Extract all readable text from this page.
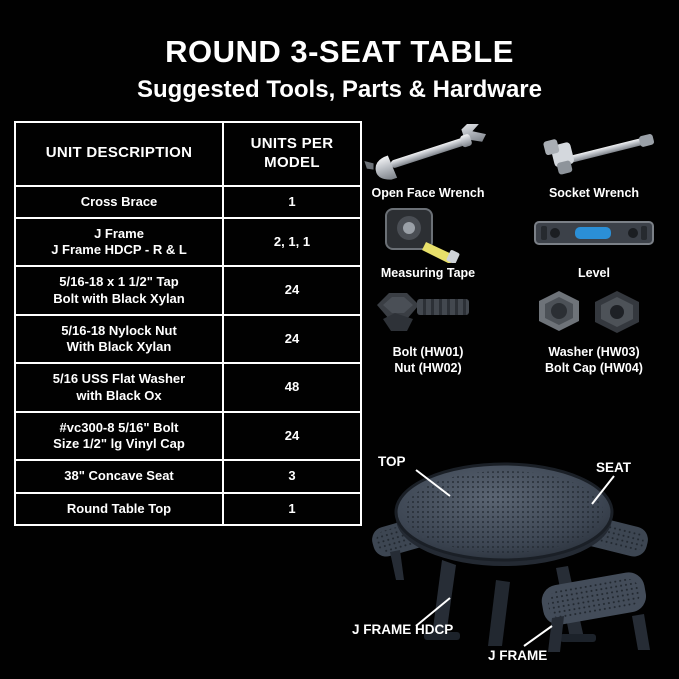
ROUND 3-SEAT TABLE
Suggested Tools, Parts & Hardware
UNIT DESCRIPTION	UNITS PER MODEL
Cross Brace	1
J Frame
J Frame HDCP - R & L	2, 1, 1
5/16-18 x 1 1/2" Tap
Bolt with Black Xylan	24
5/16-18 Nylock Nut
With Black Xylan	24
5/16 USS Flat Washer
with Black Ox	48
#vc300-8 5/16" Bolt
Size 1/2" lg Vinyl Cap	24
38" Concave Seat	3
Round Table Top	1
Open Face Wrench	Socket Wrench
Measuring Tape	Level
Bolt (HW01)
Nut (HW02)
Washer (HW03)
Bolt Cap (HW04)
TOP	SEAT
J FRAME HDCP
J FRAME
